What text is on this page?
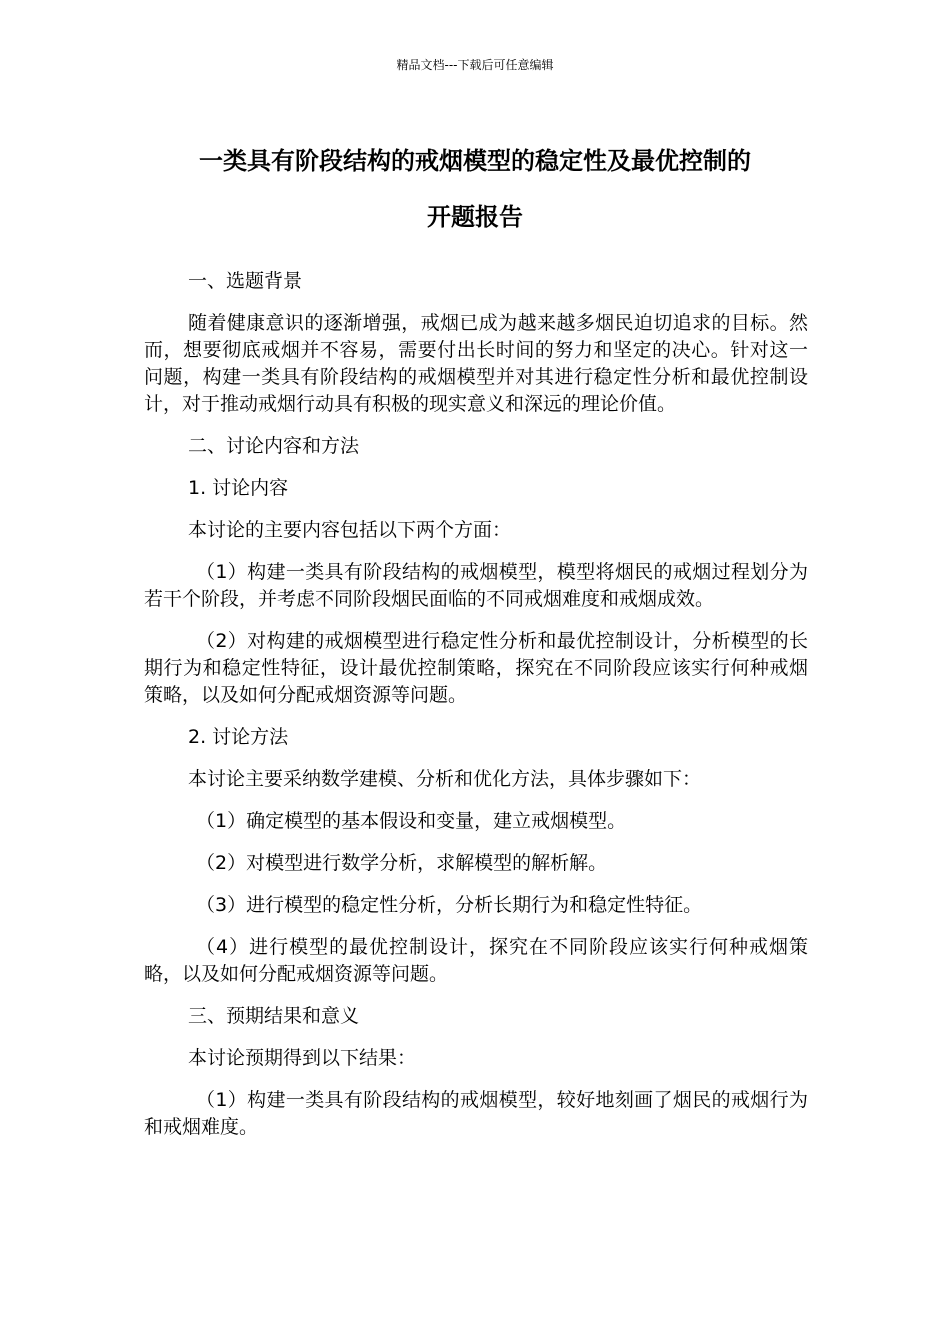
精品文档---下载后可任意编辑
一类具有阶段结构的戒烟模型的稳定性及最优控制的
开题报告

一、选题背景

随着健康意识的逐渐增强，戒烟已成为越来越多烟民迫切追求的目标。然而，想要彻底戒烟并不容易，需要付出长时间的努力和坚定的决心。针对这一问题，构建一类具有阶段结构的戒烟模型并对其进行稳定性分析和最优控制设计，对于推动戒烟行动具有积极的现实意义和深远的理论价值。

二、讨论内容和方法

1. 讨论内容

本讨论的主要内容包括以下两个方面：

（1）构建一类具有阶段结构的戒烟模型，模型将烟民的戒烟过程划分为若干个阶段，并考虑不同阶段烟民面临的不同戒烟难度和戒烟成效。

（2）对构建的戒烟模型进行稳定性分析和最优控制设计，分析模型的长期行为和稳定性特征，设计最优控制策略，探究在不同阶段应该实行何种戒烟策略，以及如何分配戒烟资源等问题。

2. 讨论方法

本讨论主要采纳数学建模、分析和优化方法，具体步骤如下：

（1）确定模型的基本假设和变量，建立戒烟模型。

（2）对模型进行数学分析，求解模型的解析解。

（3）进行模型的稳定性分析，分析长期行为和稳定性特征。

（4）进行模型的最优控制设计，探究在不同阶段应该实行何种戒烟策略，以及如何分配戒烟资源等问题。

三、预期结果和意义

本讨论预期得到以下结果：

（1）构建一类具有阶段结构的戒烟模型，较好地刻画了烟民的戒烟行为和戒烟难度。
